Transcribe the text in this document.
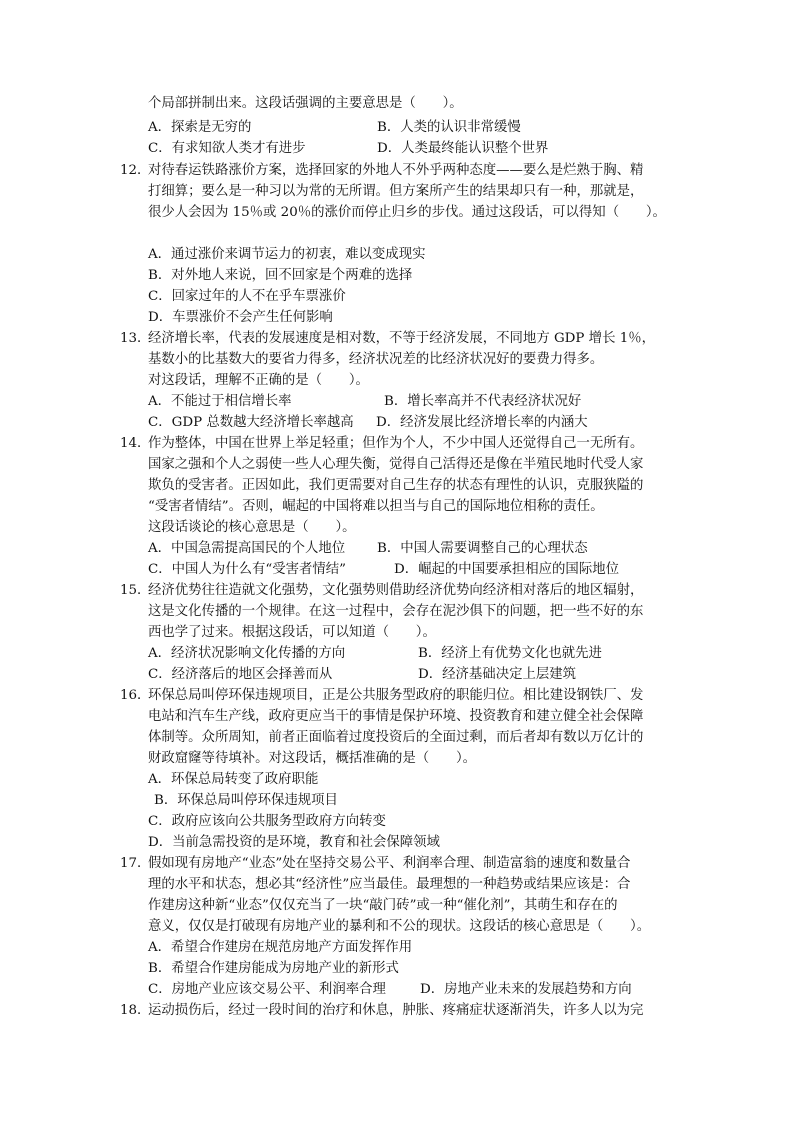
个局部拼制出来。这段话强调的主要意思是（　　）。
A．探索是无穷的	B．人类的认识非常缓慢
C．有求知欲人类才有进步	D．人类最终能认识整个世界
12．
对待春运铁路涨价方案，选择回家的外地人不外乎两种态度——要么是烂熟于胸、精
打细算；要么是一种习以为常的无所谓。但方案所产生的结果却只有一种，那就是，
很少人会因为 15％或 20％的涨价而停止归乡的步伐。通过这段话，可以得知（　　）。
A．通过涨价来调节运力的初衷，难以变成现实
B．对外地人来说，回不回家是个两难的选择
C．回家过年的人不在乎车票涨价
D．车票涨价不会产生任何影响
13．
经济增长率，代表的发展速度是相对数，不等于经济发展，不同地方 GDP 增长 1％，
基数小的比基数大的要省力得多，经济状况差的比经济状况好的要费力得多。
对这段话，理解不正确的是（　　）。
A．不能过于相信增长率	B．增长率高并不代表经济状况好
C．GDP 总数越大经济增长率越高 D．经济发展比经济增长率的内涵大
14．
作为整体，中国在世界上举足轻重；但作为个人，不少中国人还觉得自己一无所有。
国家之强和个人之弱使一些人心理失衡，觉得自己活得还是像在半殖民地时代受人家
欺负的受害者。正因如此，我们更需要对自己生存的状态有理性的认识，克服狭隘的
“受害者情结”。否则，崛起的中国将难以担当与自己的国际地位相称的责任。
这段话谈论的核心意思是（　　）。
A．中国急需提高国民的个人地位 B．中国人需要调整自己的心理状态
C．中国人为什么有“受害者情结”	D．崛起的中国要承担相应的国际地位
15．
经济优势往往造就文化强势，文化强势则借助经济优势向经济相对落后的地区辐射，
这是文化传播的一个规律。在这一过程中，会存在泥沙俱下的问题，把一些不好的东
西也学了过来。根据这段话，可以知道（　　）。
A．经济状况影响文化传播的方向	B．经济上有优势文化也就先进
C．经济落后的地区会择善而从	D．经济基础决定上层建筑
16．
环保总局叫停环保违规项目，正是公共服务型政府的职能归位。相比建设钢铁厂、发
电站和汽车生产线，政府更应当干的事情是保护环境、投资教育和建立健全社会保障
体制等。众所周知，前者正面临着过度投资后的全面过剩，而后者却有数以万亿计的
财政窟窿等待填补。对这段话，概括准确的是（　　）。
A．环保总局转变了政府职能
B．环保总局叫停环保违规项目
C．政府应该向公共服务型政府方向转变
D．当前急需投资的是环境，教育和社会保障领域
17．
假如现有房地产“业态”处在坚持交易公平、利润率合理、制造富翁的速度和数量合
理的水平和状态，想必其“经济性”应当最佳。最理想的一种趋势或结果应该是：合
作建房这种新“业态”仅仅充当了一块“敲门砖”或一种“催化剂”，其萌生和存在的
意义，仅仅是打破现有房地产业的暴利和不公的现状。这段话的核心意思是（　　）。
A．希望合作建房在规范房地产方面发挥作用
B．希望合作建房能成为房地产业的新形式
C．房地产业应该交易公平、利润率合理	D．房地产业未来的发展趋势和方向
18．
运动损伤后，经过一段时间的治疗和休息，肿胀、疼痛症状逐渐消失，许多人以为完
